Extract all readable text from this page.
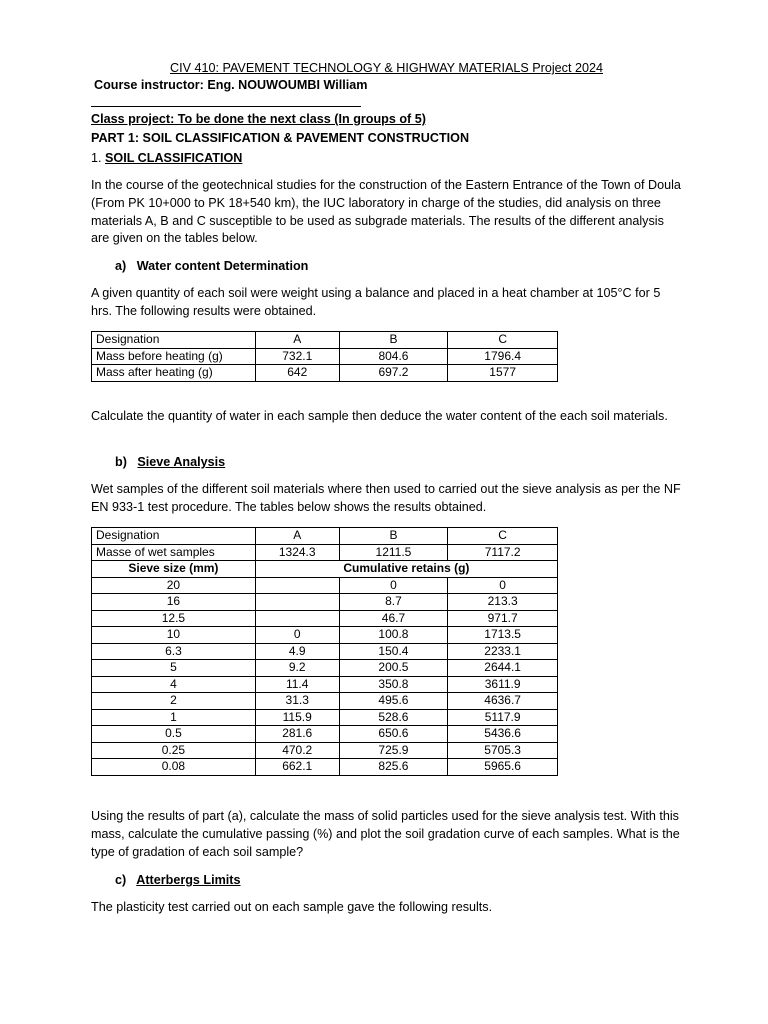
CIV 410: PAVEMENT TECHNOLOGY & HIGHWAY MATERIALS Project 2024
Course instructor: Eng. NOUWOUMBI William
Class project: To be done the next class (In groups of 5)
PART 1: SOIL CLASSIFICATION & PAVEMENT CONSTRUCTION
1. SOIL CLASSIFICATION
In the course of the geotechnical studies for the construction of the Eastern Entrance of the Town of Doula (From PK 10+000 to PK 18+540 km), the IUC laboratory in charge of the studies, did analysis on three materials A, B and C susceptible to be used as subgrade materials. The results of the different analysis are given on the tables below.
a) Water content Determination
A given quantity of each soil were weight using a balance and placed in a heat chamber at 105°C for 5 hrs. The following results were obtained.
Designation	A	B	C
Mass before heating (g)	732.1	804.6	1796.4
Mass after heating (g)	642	697.2	1577
Calculate the quantity of water in each sample then deduce the water content of the each soil materials.
b) Sieve Analysis
Wet samples of the different soil materials where then used to carried out the sieve analysis as per the NF EN 933-1 test procedure. The tables below shows the results obtained.
Designation	A	B	C
Masse of wet samples	1324.3	1211.5	7117.2
Sieve size (mm)	Cumulative retains (g)		
20		0	0
16		8.7	213.3
12.5		46.7	971.7
10	0	100.8	1713.5
6.3	4.9	150.4	2233.1
5	9.2	200.5	2644.1
4	11.4	350.8	3611.9
2	31.3	495.6	4636.7
1	115.9	528.6	5117.9
0.5	281.6	650.6	5436.6
0.25	470.2	725.9	5705.3
0.08	662.1	825.6	5965.6
Using the results of part (a), calculate the mass of solid particles used for the sieve analysis test. With this mass, calculate the cumulative passing (%) and plot the soil gradation curve of each samples. What is the type of gradation of each soil sample?
c) Atterbergs Limits
The plasticity test carried out on each sample gave the following results.
